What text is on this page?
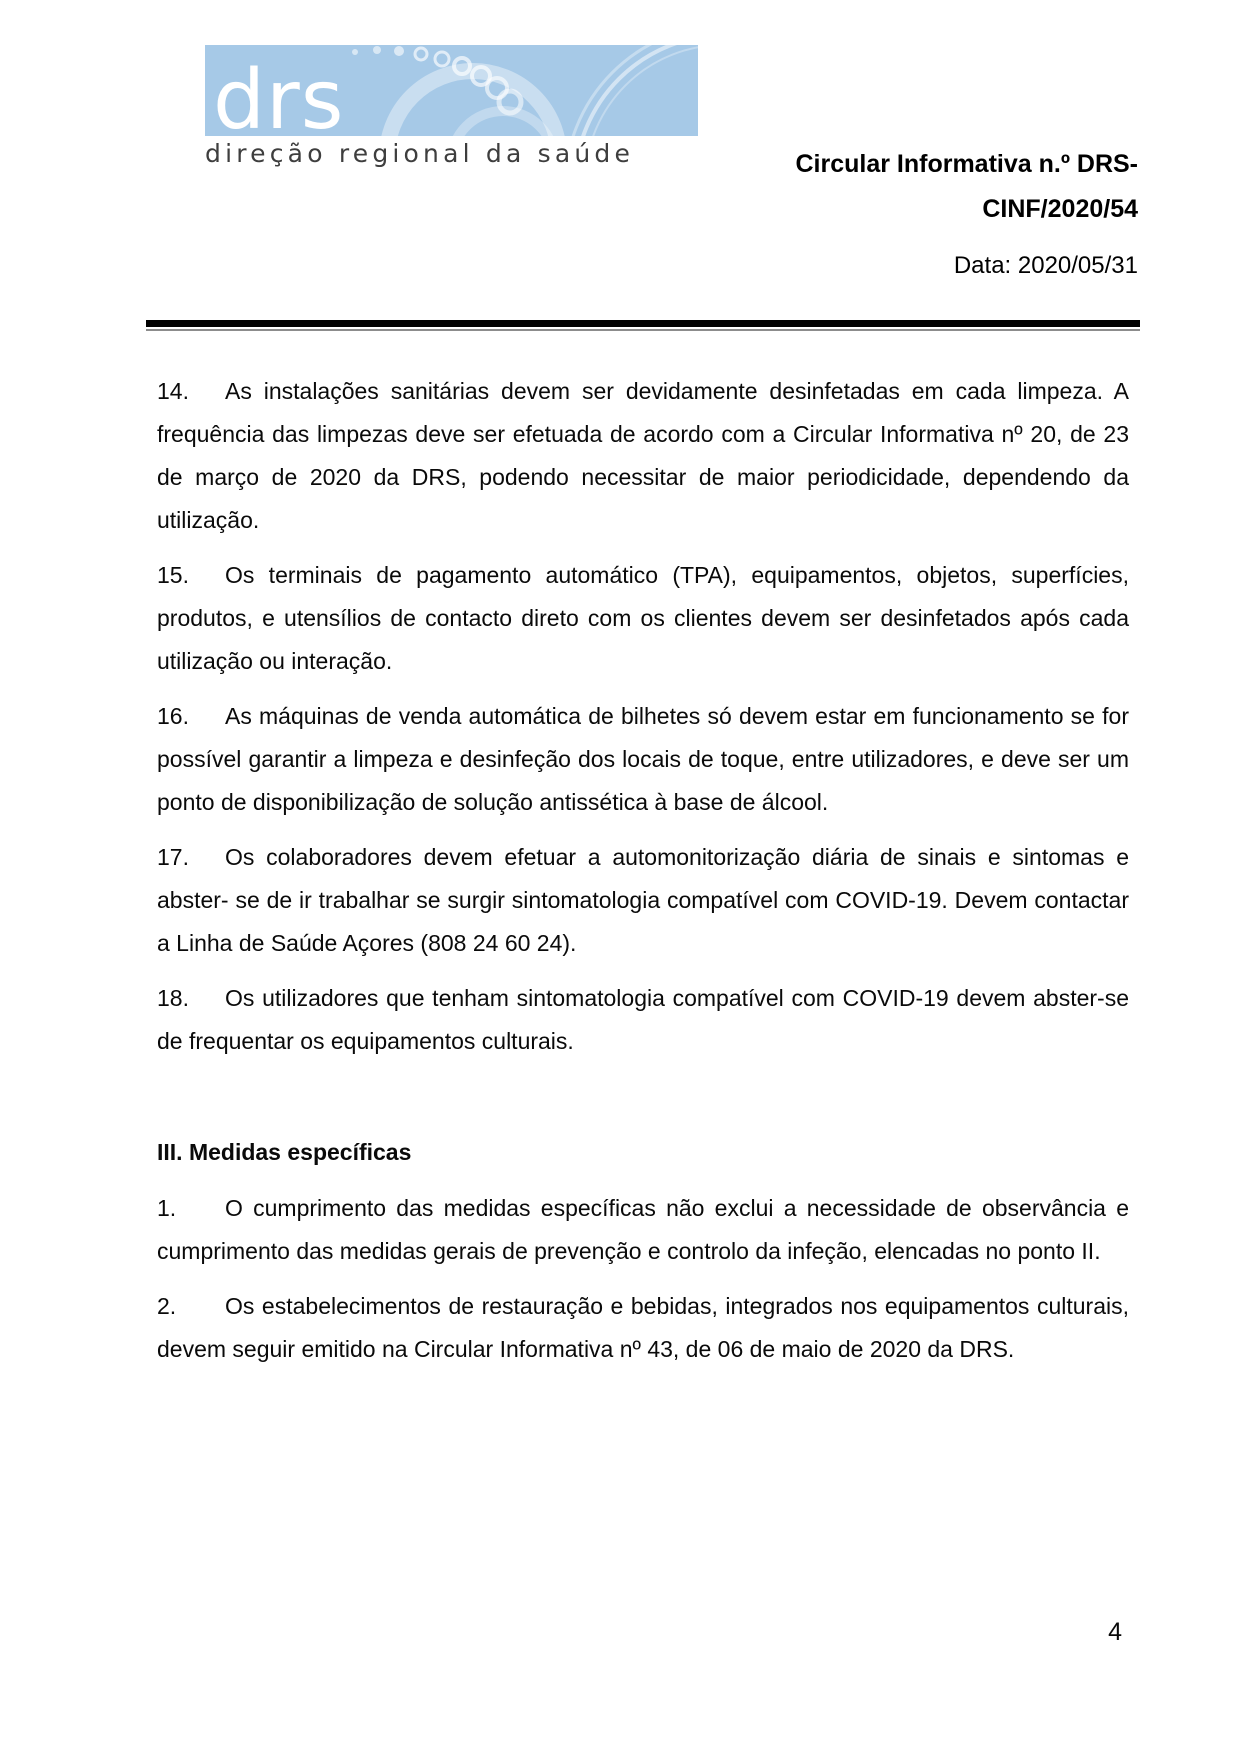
drs
direção regional da saúde	Circular Informativa n.º DRS-
CINF/2020/54
Data: 2020/05/31

14. As instalações sanitárias devem ser devidamente desinfetadas em cada limpeza. A frequência das limpezas deve ser efetuada de acordo com a Circular Informativa nº 20, de 23 de março de 2020 da DRS, podendo necessitar de maior periodicidade, dependendo da utilização.

15. Os terminais de pagamento automático (TPA), equipamentos, objetos, superfícies, produtos, e utensílios de contacto direto com os clientes devem ser desinfetados após cada utilização ou interação.

16. As máquinas de venda automática de bilhetes só devem estar em funcionamento se for possível garantir a limpeza e desinfeção dos locais de toque, entre utilizadores, e deve ser um ponto de disponibilização de solução antissética à base de álcool.

17. Os colaboradores devem efetuar a automonitorização diária de sinais e sintomas e abster- se de ir trabalhar se surgir sintomatologia compatível com COVID-19. Devem contactar a Linha de Saúde Açores (808 24 60 24).

18. Os utilizadores que tenham sintomatologia compatível com COVID-19 devem abster-se de frequentar os equipamentos culturais.

III. Medidas específicas

1. O cumprimento das medidas específicas não exclui a necessidade de observância e cumprimento das medidas gerais de prevenção e controlo da infeção, elencadas no ponto II.

2. Os estabelecimentos de restauração e bebidas, integrados nos equipamentos culturais, devem seguir emitido na Circular Informativa nº 43, de 06 de maio de 2020 da DRS.

4
